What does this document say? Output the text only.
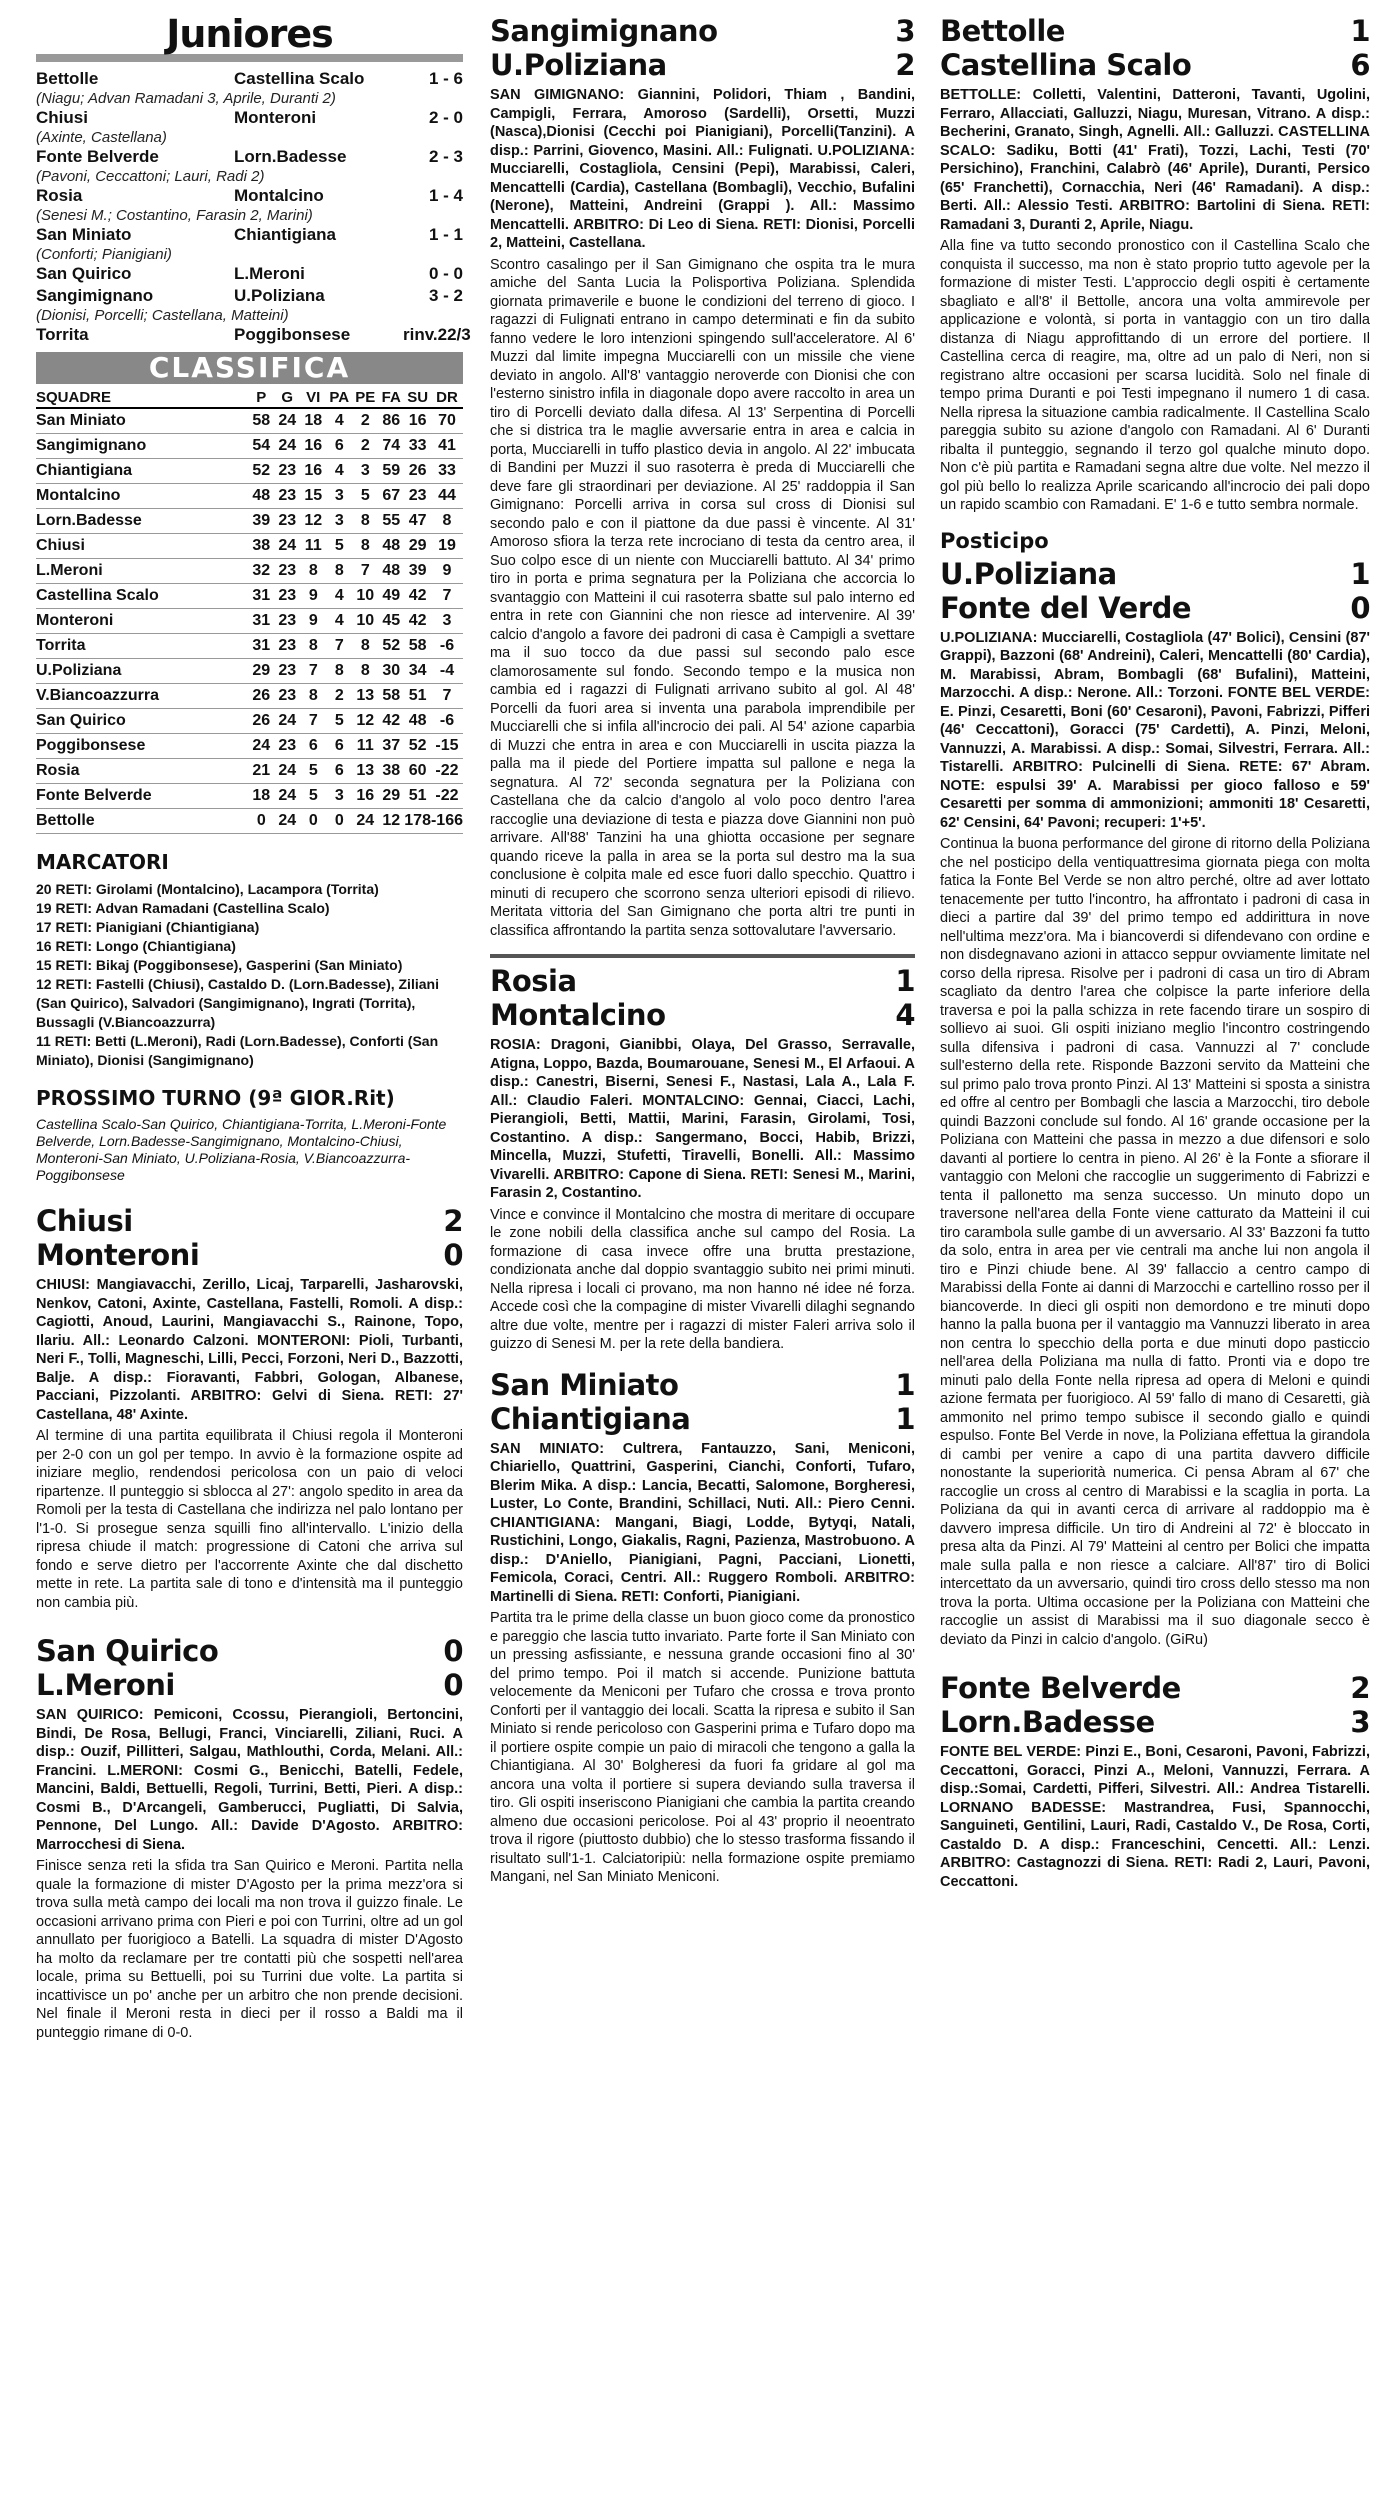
Juniores
Bettolle	Castellina Scalo	1 - 6
(Niagu; Advan Ramadani 3, Aprile, Duranti 2)
Chiusi	Monteroni	2 - 0
(Axinte, Castellana)
Fonte Belverde	Lorn.Badesse	2 - 3
(Pavoni, Ceccattoni; Lauri, Radi 2)
Rosia	Montalcino	1 - 4
(Senesi M.; Costantino, Farasin 2, Marini)
San Miniato	Chiantigiana	1 - 1
(Conforti; Pianigiani)
San Quirico	L.Meroni	0 - 0
Sangimignano	U.Poliziana	3 - 2
(Dionisi, Porcelli; Castellana, Matteini)
Torrita	Poggibonsese	rinv.22/3
CLASSIFICA
SQUADRE	P	G	VI	PA	PE	FA	SU	DR
San Miniato	58	24	18	4	2	86	16	70
Sangimignano	54	24	16	6	2	74	33	41
Chiantigiana	52	23	16	4	3	59	26	33
Montalcino	48	23	15	3	5	67	23	44
Lorn.Badesse	39	23	12	3	8	55	47	8
Chiusi	38	24	11	5	8	48	29	19
L.Meroni	32	23	8	8	7	48	39	9
Castellina Scalo	31	23	9	4	10	49	42	7
Monteroni	31	23	9	4	10	45	42	3
Torrita	31	23	8	7	8	52	58	-6
U.Poliziana	29	23	7	8	8	30	34	-4
V.Biancoazzurra	26	23	8	2	13	58	51	7
San Quirico	26	24	7	5	12	42	48	-6
Poggibonsese	24	23	6	6	11	37	52	-15
Rosia	21	24	5	6	13	38	60	-22
Fonte Belverde	18	24	5	3	16	29	51	-22
Bettolle	0	24	0	0	24	12	178	-166
MARCATORI
20 RETI: Girolami (Montalcino), Lacampora (Torrita)
19 RETI: Advan Ramadani (Castellina Scalo)
17 RETI: Pianigiani (Chiantigiana)
16 RETI: Longo (Chiantigiana)
15 RETI: Bikaj (Poggibonsese), Gasperini (San Miniato)
12 RETI: Fastelli (Chiusi), Castaldo D. (Lorn.Badesse), Ziliani (San Quirico), Salvadori (Sangimignano), Ingrati (Torrita), Bussagli (V.Biancoazzurra)
11 RETI: Betti (L.Meroni), Radi (Lorn.Badesse), Conforti (San Miniato), Dionisi (Sangimignano)
PROSSIMO TURNO (9ª GIOR.Rit)
Castellina Scalo-San Quirico, Chiantigiana-Torrita, L.Meroni-Fonte Belverde, Lorn.Badesse-Sangimignano, Montalcino-Chiusi, Monteroni-San Miniato, U.Poliziana-Rosia, V.Biancoazzurra-Poggibonsese
Chiusi	2
Monteroni	0
CHIUSI: Mangiavacchi, Zerillo, Licaj, Tarparelli, Jasharovski, Nenkov, Catoni, Axinte, Castellana, Fastelli, Romoli. A disp.: Cagiotti, Anoud, Laurini, Mangiavacchi S., Rainone, Topo, Ilariu. All.: Leonardo Calzoni. MONTERONI: Pioli, Turbanti, Neri F., Tolli, Magneschi, Lilli, Pecci, Forzoni, Neri D., Bazzotti, Balje. A disp.: Fioravanti, Fabbri, Gologan, Albanese, Pacciani, Pizzolanti. ARBITRO: Gelvi di Siena. RETI: 27' Castellana, 48' Axinte.
Al termine di una partita equilibrata il Chiusi regola il Monteroni per 2-0 con un gol per tempo. In avvio è la formazione ospite ad iniziare meglio, rendendosi pericolosa con un paio di veloci ripartenze. Il punteggio si sblocca al 27': angolo spedito in area da Romoli per la testa di Castellana che indirizza nel palo lontano per l'1-0. Si prosegue senza squilli fino all'intervallo. L'inizio della ripresa chiude il match: progressione di Catoni che arriva sul fondo e serve dietro per l'accorrente Axinte che dal dischetto mette in rete. La partita sale di tono e d'intensità ma il punteggio non cambia più.
San Quirico	0
L.Meroni	0
SAN QUIRICO: Pemiconi, Ccossu, Pierangioli, Bertoncini, Bindi, De Rosa, Bellugi, Franci, Vinciarelli, Ziliani, Ruci. A disp.: Ouzif, Pillitteri, Salgau, Mathlouthi, Corda, Melani. All.: Francini. L.MERONI: Cosmi G., Benicchi, Batelli, Fedele, Mancini, Baldi, Bettuelli, Regoli, Turrini, Betti, Pieri. A disp.: Cosmi B., D'Arcangeli, Gamberucci, Pugliatti, Di Salvia, Pennone, Del Lungo. All.: Davide D'Agosto. ARBITRO: Marrocchesi di Siena.
Finisce senza reti la sfida tra San Quirico e Meroni. Partita nella quale la formazione di mister D'Agosto per la prima mezz'ora si trova sulla metà campo dei locali ma non trova il guizzo finale. Le occasioni arrivano prima con Pieri e poi con Turrini, oltre ad un gol annullato per fuorigioco a Batelli. La squadra di mister D'Agosto ha molto da reclamare per tre contatti più che sospetti nell'area locale, prima su Bettuelli, poi su Turrini due volte. La partita si incattivisce un po' anche per un arbitro che non prende decisioni. Nel finale il Meroni resta in dieci per il rosso a Baldi ma il punteggio rimane di 0-0.
Sangimignano	3
U.Poliziana	2
SAN GIMIGNANO: Giannini, Polidori, Thiam , Bandini, Campigli, Ferrara, Amoroso (Sardelli), Orsetti, Muzzi (Nasca),Dionisi (Cecchi poi Pianigiani), Porcelli(Tanzini). A disp.: Parrini, Giovenco, Masini. All.: Fulignati. U.POLIZIANA: Mucciarelli, Costagliola, Censini (Pepi), Marabissi, Caleri, Mencattelli (Cardia), Castellana (Bombagli), Vecchio, Bufalini (Nerone), Matteini, Andreini (Grappi ). All.: Massimo Mencattelli. ARBITRO: Di Leo di Siena. RETI: Dionisi, Porcelli 2, Matteini, Castellana.
Scontro casalingo per il San Gimignano che ospita tra le mura amiche del Santa Lucia la Polisportiva Poliziana. Splendida giornata primaverile e buone le condizioni del terreno di gioco. I ragazzi di Fulignati entrano in campo determinati e fin da subito fanno vedere le loro intenzioni spingendo sull'acceleratore. Al 6' Muzzi dal limite impegna Mucciarelli con un missile che viene deviato in angolo. All'8' vantaggio neroverde con Dionisi che con l'esterno sinistro infila in diagonale dopo avere raccolto in area un tiro di Porcelli deviato dalla difesa. Al 13' Serpentina di Porcelli che si districa tra le maglie avversarie entra in area e calcia in porta, Mucciarelli in tuffo plastico devia in angolo. Al 22' imbucata di Bandini per Muzzi il suo rasoterra è preda di Mucciarelli che deve fare gli straordinari per deviazione. Al 25' raddoppia il San Gimignano: Porcelli arriva in corsa sul cross di Dionisi sul secondo palo e con il piattone da due passi è vincente. Al 31' Amoroso sfiora la terza rete incrociano di testa da centro area, il Suo colpo esce di un niente con Mucciarelli battuto. Al 34' primo tiro in porta e prima segnatura per la Poliziana che accorcia lo svantaggio con Matteini il cui rasoterra sbatte sul palo interno ed entra in rete con Giannini che non riesce ad intervenire. Al 39' calcio d'angolo a favore dei padroni di casa è Campigli a svettare ma il suo tocco da due passi sul secondo palo esce clamorosamente sul fondo. Secondo tempo e la musica non cambia ed i ragazzi di Fulignati arrivano subito al gol. Al 48' Porcelli da fuori area si inventa una parabola imprendibile per Mucciarelli che si infila all'incrocio dei pali. Al 54' azione caparbia di Muzzi che entra in area e con Mucciarelli in uscita piazza la palla ma il piede del Portiere impatta sul pallone e nega la segnatura. Al 72' seconda segnatura per la Poliziana con Castellana che da calcio d'angolo al volo poco dentro l'area raccoglie una deviazione di testa e piazza dove Giannini non può arrivare. All'88' Tanzini ha una ghiotta occasione per segnare quando riceve la palla in area se la porta sul destro ma la sua conclusione è colpita male ed esce fuori dallo specchio. Quattro i minuti di recupero che scorrono senza ulteriori episodi di rilievo. Meritata vittoria del San Gimignano che porta altri tre punti in classifica affrontando la partita senza sottovalutare l'avversario.
Rosia	1
Montalcino	4
ROSIA: Dragoni, Gianibbi, Olaya, Del Grasso, Serravalle, Atigna, Loppo, Bazda, Boumarouane, Senesi M., El Arfaoui. A disp.: Canestri, Biserni, Senesi F., Nastasi, Lala A., Lala F. All.: Claudio Faleri. MONTALCINO: Gennai, Ciacci, Lachi, Pierangioli, Betti, Mattii, Marini, Farasin, Girolami, Tosi, Costantino. A disp.: Sangermano, Bocci, Habib, Brizzi, Mincella, Muzzi, Stufetti, Tiravelli, Bonelli. All.: Massimo Vivarelli. ARBITRO: Capone di Siena. RETI: Senesi M., Marini, Farasin 2, Costantino.
Vince e convince il Montalcino che mostra di meritare di occupare le zone nobili della classifica anche sul campo del Rosia. La formazione di casa invece offre una brutta prestazione, condizionata anche dal doppio svantaggio subito nei primi minuti. Nella ripresa i locali ci provano, ma non hanno né idee né forza. Accede così che la compagine di mister Vivarelli dilaghi segnando altre due volte, mentre per i ragazzi di mister Faleri arriva solo il guizzo di Senesi M. per la rete della bandiera.
San Miniato	1
Chiantigiana	1
SAN MINIATO: Cultrera, Fantauzzo, Sani, Meniconi, Chiariello, Quattrini, Gasperini, Cianchi, Conforti, Tufaro, Blerim Mika. A disp.: Lancia, Becatti, Salomone, Borgheresi, Luster, Lo Conte, Brandini, Schillaci, Nuti. All.: Piero Cenni. CHIANTIGIANA: Mangani, Biagi, Lodde, Bytyqi, Natali, Rustichini, Longo, Giakalis, Ragni, Pazienza, Mastrobuono. A disp.: D'Aniello, Pianigiani, Pagni, Pacciani, Lionetti, Femicola, Coraci, Centri. All.: Ruggero Romboli. ARBITRO: Martinelli di Siena. RETI: Conforti, Pianigiani.
Partita tra le prime della classe un buon gioco come da pronostico e pareggio che lascia tutto invariato. Parte forte il San Miniato con un pressing asfissiante, e nessuna grande occasioni fino al 30' del primo tempo. Poi il match si accende. Punizione battuta velocemente da Meniconi per Tufaro che crossa e trova pronto Conforti per il vantaggio dei locali. Scatta la ripresa e subito il San Miniato si rende pericoloso con Gasperini prima e Tufaro dopo ma il portiere ospite compie un paio di miracoli che tengono a galla la Chiantigiana. Al 30' Bolgheresi da fuori fa gridare al gol ma ancora una volta il portiere si supera deviando sulla traversa il tiro. Gli ospiti inseriscono Pianigiani che cambia la partita creando almeno due occasioni pericolose. Poi al 43' proprio il neoentrato trova il rigore (piuttosto dubbio) che lo stesso trasforma fissando il risultato sull'1-1. Calciatoripiù: nella formazione ospite premiamo Mangani, nel San Miniato Meniconi.
Bettolle	1
Castellina Scalo	6
BETTOLLE: Colletti, Valentini, Datteroni, Tavanti, Ugolini, Ferraro, Allacciati, Galluzzi, Niagu, Muresan, Vitrano. A disp.: Becherini, Granato, Singh, Agnelli. All.: Galluzzi. CASTELLINA SCALO: Sadiku, Botti (41' Frati), Tozzi, Lachi, Testi (70' Persichino), Franchini, Calabrò (46' Aprile), Duranti, Persico (65' Franchetti), Cornacchia, Neri (46' Ramadani). A disp.: Berti. All.: Alessio Testi. ARBITRO: Bartolini di Siena. RETI: Ramadani 3, Duranti 2, Aprile, Niagu.
Alla fine va tutto secondo pronostico con il Castellina Scalo che conquista il successo, ma non è stato proprio tutto agevole per la formazione di mister Testi. L'approccio degli ospiti è certamente sbagliato e all'8' il Bettolle, ancora una volta ammirevole per applicazione e volontà, si porta in vantaggio con un tiro dalla distanza di Niagu approfittando di un errore del portiere. Il Castellina cerca di reagire, ma, oltre ad un palo di Neri, non si registrano altre occasioni per scarsa lucidità. Solo nel finale di tempo prima Duranti e poi Testi impegnano il numero 1 di casa. Nella ripresa la situazione cambia radicalmente. Il Castellina Scalo pareggia subito su azione d'angolo con Ramadani. Al 6' Duranti ribalta il punteggio, segnando il terzo gol qualche minuto dopo. Non c'è più partita e Ramadani segna altre due volte. Nel mezzo il gol più bello lo realizza Aprile scaricando all'incrocio dei pali dopo un rapido scambio con Ramadani. E' 1-6 e tutto sembra normale.
Posticipo
U.Poliziana	1
Fonte del Verde	0
U.POLIZIANA: Mucciarelli, Costagliola (47' Bolici), Censini (87' Grappi), Bazzoni (68' Andreini), Caleri, Mencattelli (80' Cardia), M. Marabissi, Abram, Bombagli (68' Bufalini), Matteini, Marzocchi. A disp.: Nerone. All.: Torzoni. FONTE BEL VERDE: E. Pinzi, Cesaretti, Boni (60' Cesaroni), Pavoni, Fabrizzi, Pifferi (46' Ceccattoni), Goracci (75' Cardetti), A. Pinzi, Meloni, Vannuzzi, A. Marabissi. A disp.: Somai, Silvestri, Ferrara. All.: Tistarelli. ARBITRO: Pulcinelli di Siena. RETE: 67' Abram. NOTE: espulsi 39' A. Marabissi per gioco falloso e 59' Cesaretti per somma di ammonizioni; ammoniti 18' Cesaretti, 62' Censini, 64' Pavoni; recuperi: 1'+5'.
Continua la buona performance del girone di ritorno della Poliziana che nel posticipo della ventiquattresima giornata piega con molta fatica la Fonte Bel Verde se non altro perché, oltre ad aver lottato tenacemente per tutto l'incontro, ha affrontato i padroni di casa in dieci a partire dal 39' del primo tempo ed addirittura in nove nell'ultima mezz'ora. Ma i biancoverdi si difendevano con ordine e non disdegnavano azioni in attacco seppur ovviamente limitate nel corso della ripresa. Risolve per i padroni di casa un tiro di Abram scagliato da dentro l'area che colpisce la parte inferiore della traversa e poi la palla schizza in rete facendo tirare un sospiro di sollievo ai suoi. Gli ospiti iniziano meglio l'incontro costringendo sulla difensiva i padroni di casa. Vannuzzi al 7' conclude sull'esterno della rete. Risponde Bazzoni servito da Matteini che sul primo palo trova pronto Pinzi. Al 13' Matteini si sposta a sinistra ed offre al centro per Bombagli che lascia a Marzocchi, tiro debole quindi Bazzoni conclude sul fondo. Al 16' grande occasione per la Poliziana con Matteini che passa in mezzo a due difensori e solo davanti al portiere lo centra in pieno. Al 26' è la Fonte a sfiorare il vantaggio con Meloni che raccoglie un suggerimento di Fabrizzi e tenta il pallonetto ma senza successo. Un minuto dopo un traversone nell'area della Fonte viene catturato da Matteini il cui tiro carambola sulle gambe di un avversario. Al 33' Bazzoni fa tutto da solo, entra in area per vie centrali ma anche lui non angola il tiro e Pinzi chiude bene. Al 39' fallaccio a centro campo di Marabissi della Fonte ai danni di Marzocchi e cartellino rosso per il biancoverde. In dieci gli ospiti non demordono e tre minuti dopo hanno la palla buona per il vantaggio ma Vannuzzi liberato in area non centra lo specchio della porta e due minuti dopo pasticcio nell'area della Poliziana ma nulla di fatto. Pronti via e dopo tre minuti palo della Fonte nella ripresa ad opera di Meloni e quindi azione fermata per fuorigioco. Al 59' fallo di mano di Cesaretti, già ammonito nel primo tempo subisce il secondo giallo e quindi espulso. Fonte Bel Verde in nove, la Poliziana effettua la girandola di cambi per venire a capo di una partita davvero difficile nonostante la superiorità numerica. Ci pensa Abram al 67' che raccoglie un cross al centro di Marabissi e la scaglia in porta. La Poliziana da qui in avanti cerca di arrivare al raddoppio ma è davvero impresa difficile. Un tiro di Andreini al 72' è bloccato in presa alta da Pinzi. Al 79' Matteini al centro per Bolici che impatta male sulla palla e non riesce a calciare. All'87' tiro di Bolici intercettato da un avversario, quindi tiro cross dello stesso ma non trova la porta. Ultima occasione per la Poliziana con Matteini che raccoglie un assist di Marabissi ma il suo diagonale secco è deviato da Pinzi in calcio d'angolo. (GiRu)
Fonte Belverde	2
Lorn.Badesse	3
FONTE BEL VERDE: Pinzi E., Boni, Cesaroni, Pavoni, Fabrizzi, Ceccattoni, Goracci, Pinzi A., Meloni, Vannuzzi, Ferrara. A disp.:Somai, Cardetti, Pifferi, Silvestri. All.: Andrea Tistarelli. LORNANO BADESSE: Mastrandrea, Fusi, Spannocchi, Sanguineti, Gentilini, Lauri, Radi, Castaldo V., De Rosa, Corti, Castaldo D. A disp.: Franceschini, Cencetti. All.: Lenzi. ARBITRO: Castagnozzi di Siena. RETI: Radi 2, Lauri, Pavoni, Ceccattoni.
